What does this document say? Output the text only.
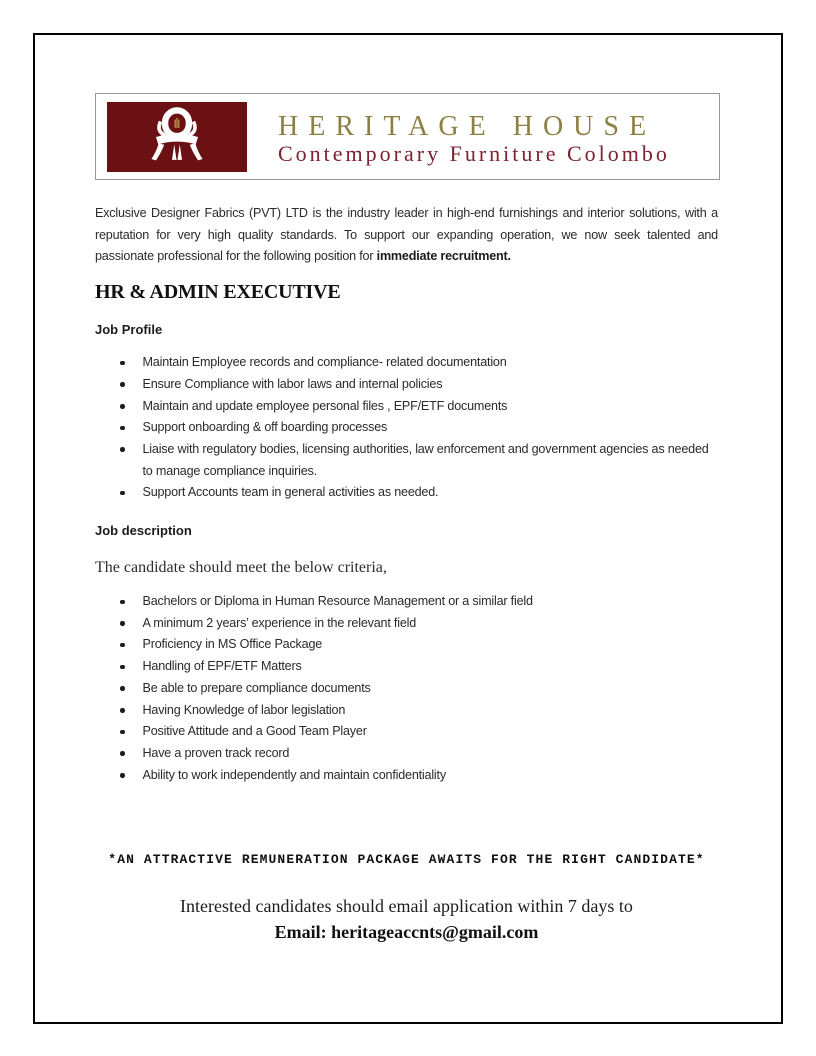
HERITAGE HOUSE
Contemporary Furniture Colombo
Exclusive Designer Fabrics (PVT) LTD is the industry leader in high-end furnishings and interior solutions, with a reputation for very high quality standards. To support our expanding operation, we now seek talented and passionate professional for the following position for immediate recruitment.
HR & ADMIN EXECUTIVE
Job Profile
Maintain Employee records and compliance- related documentation
Ensure Compliance with labor laws and internal policies
Maintain and update employee personal files , EPF/ETF documents
Support onboarding & off boarding processes
Liaise with regulatory bodies, licensing authorities, law enforcement and government agencies as needed to manage compliance inquiries.
Support Accounts team in general activities as needed.
Job description
The candidate should meet the below criteria,
Bachelors or Diploma in Human Resource Management or a similar field
A minimum 2 years’ experience in the relevant field
Proficiency in MS Office Package
Handling of EPF/ETF Matters
Be able to prepare compliance documents
Having Knowledge of labor legislation
Positive Attitude and a Good Team Player
Have a proven track record
Ability to work independently and maintain confidentiality
*AN ATTRACTIVE REMUNERATION PACKAGE AWAITS FOR THE RIGHT CANDIDATE*
Interested candidates should email application within 7 days to
Email: heritageaccnts@gmail.com
